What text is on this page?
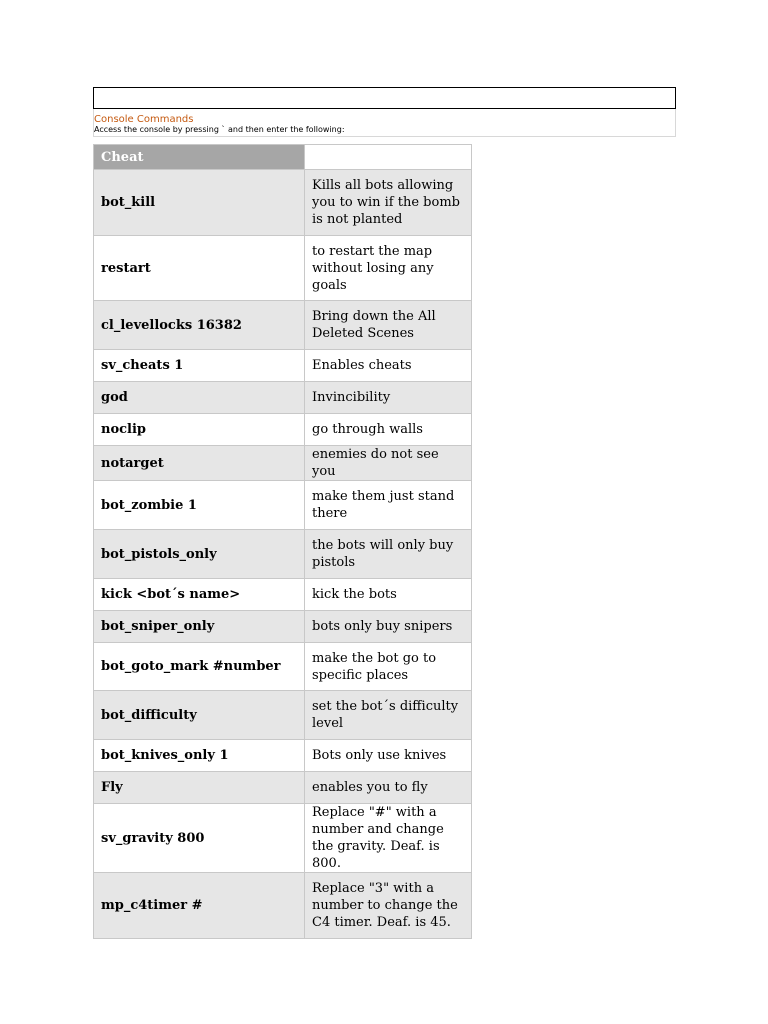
Console Commands
Access the console by pressing ` and then enter the following:
Cheat	
bot_kill	Kills all bots allowing you to win if the bomb is not planted
restart	to restart the map without losing any goals
cl_levellocks 16382	Bring down the All Deleted Scenes
sv_cheats 1	Enables cheats
god	Invincibility
noclip	go through walls
notarget	enemies do not see you
bot_zombie 1	make them just stand there
bot_pistols_only	the bots will only buy pistols
kick <bot´s name>	kick the bots
bot_sniper_only	bots only buy snipers
bot_goto_mark #number	make the bot go to specific places
bot_difficulty	set the bot´s difficulty level
bot_knives_only 1	Bots only use knives
Fly	enables you to fly
sv_gravity 800	Replace "#" with a number and change the gravity. Deaf. is 800.
mp_c4timer #	Replace "3" with a number to change the C4 timer. Deaf. is 45.
